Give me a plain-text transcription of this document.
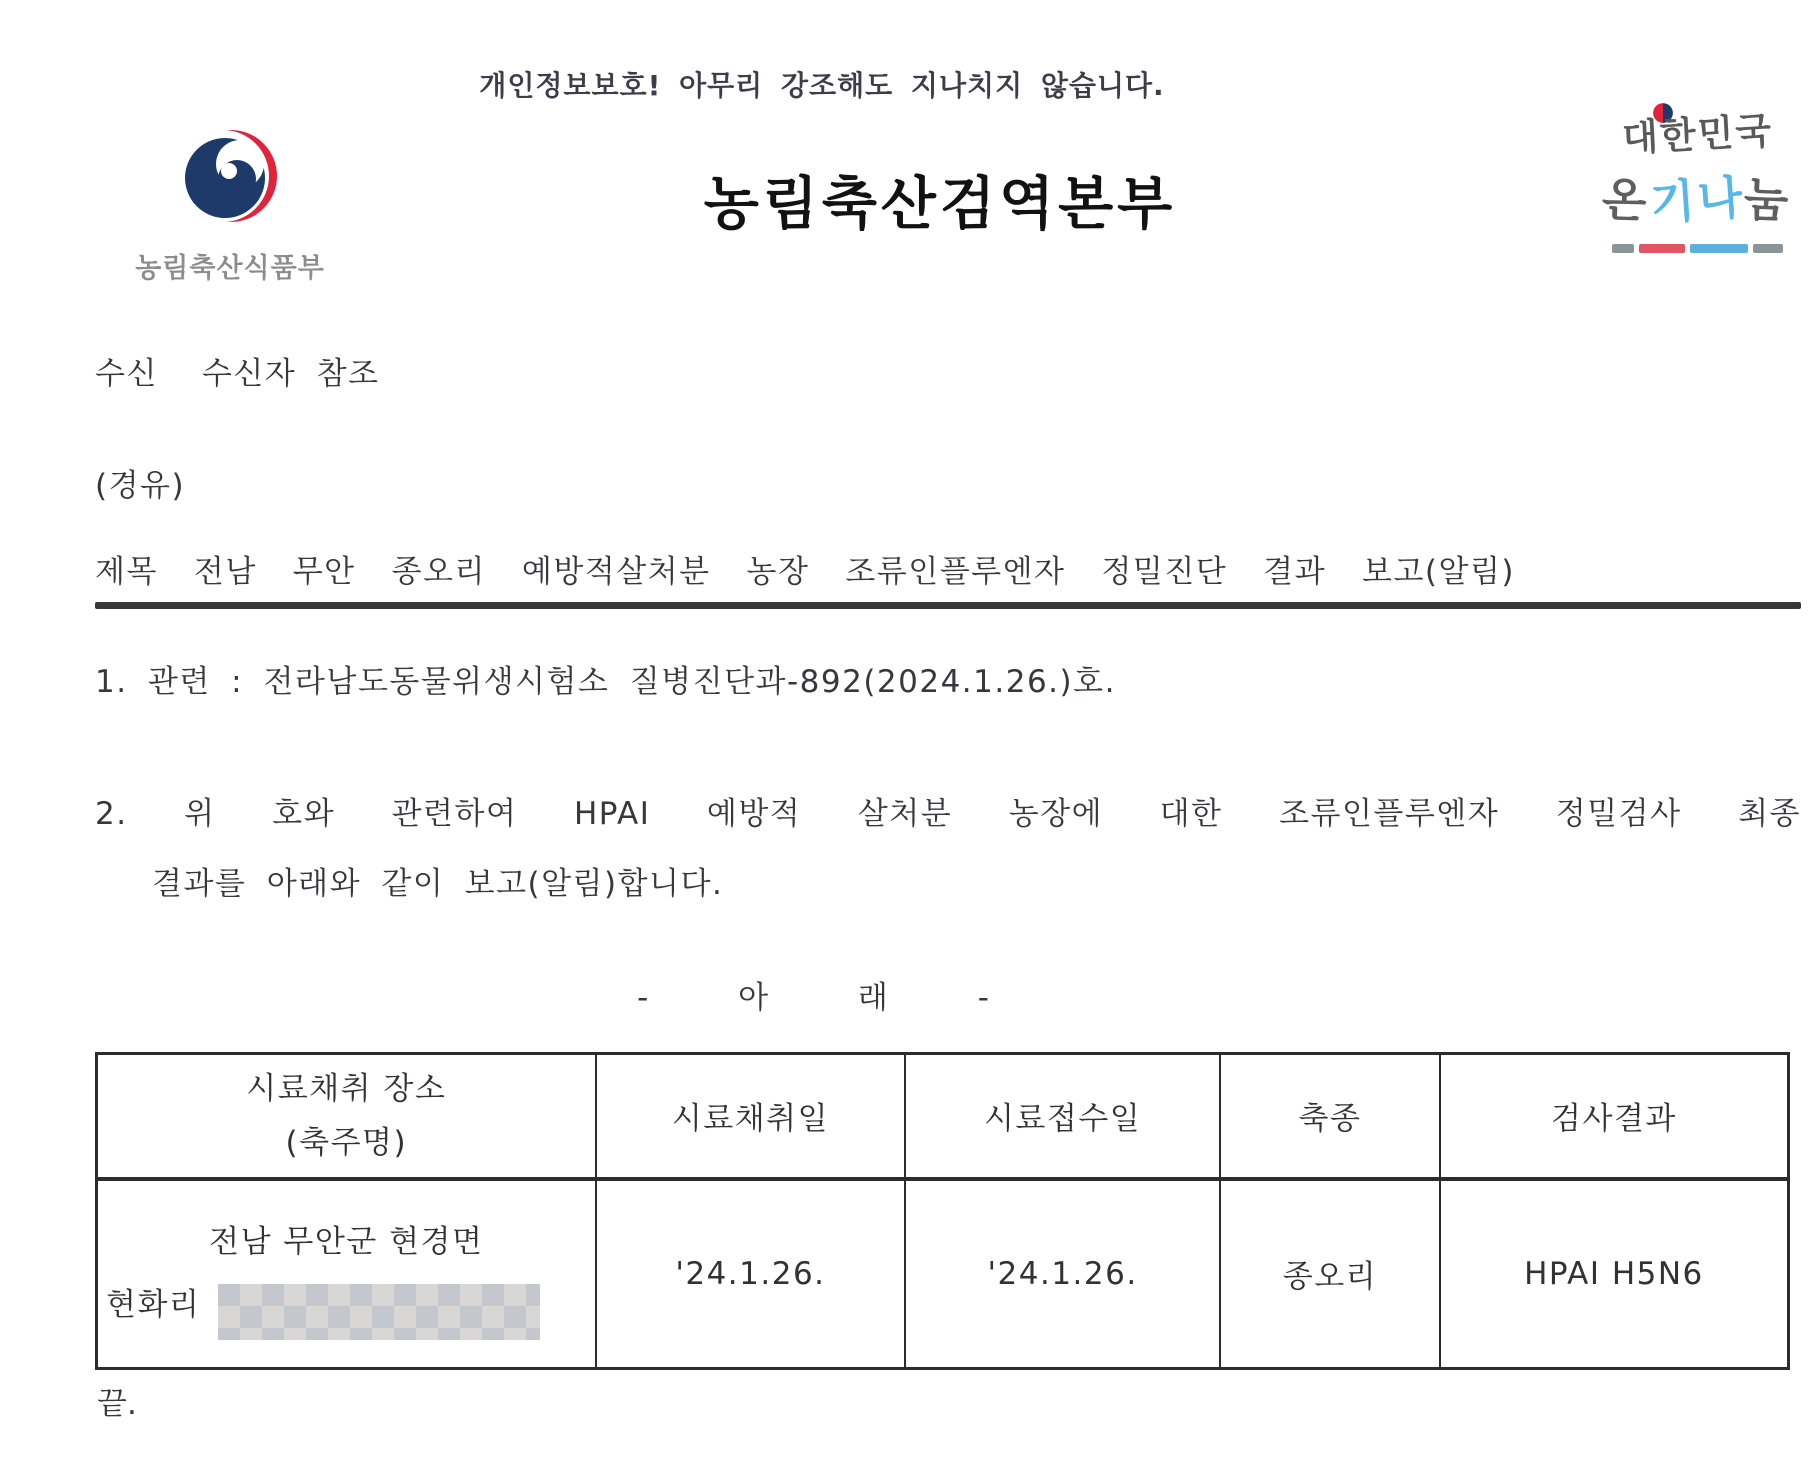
개인정보보호! 아무리 강조해도 지나치지 않습니다.
농림축산식품부
농림축산검역본부
대한민국
온기나눔
수신 수신자 참조
(경유)
제목 전남 무안 종오리 예방적살처분 농장 조류인플루엔자 정밀진단 결과 보고(알림)
1. 관련 : 전라남도동물위생시험소 질병진단과-892(2024.1.26.)호.
2. 위 호와 관련하여 HPAI 예방적 살처분 농장에 대한 조류인플루엔자 정밀검사 최종
결과를 아래와 같이 보고(알림)합니다.
- 아 래 -
시료채취 장소
(축주명)	시료채취일	시료접수일	축종	검사결과

전남 무안군 현경면
현화리	'24.1.26.	'24.1.26.	종오리	HPAI H5N6
끝.
